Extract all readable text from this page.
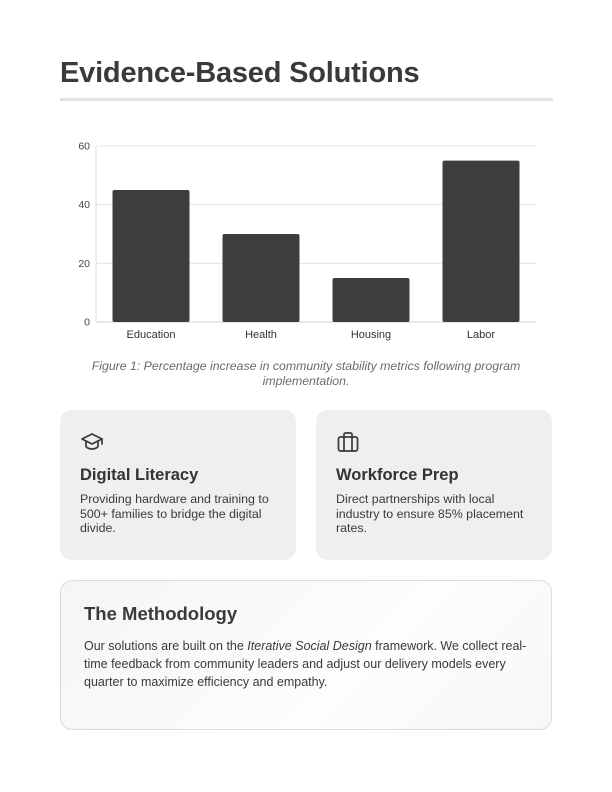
Evidence-Based Solutions
0
20
40
60
Education	Health	Housing	Labor

Figure 1: Percentage increase in community stability metrics following program implementation.

Digital Literacy

Providing hardware and training to 500+ families to bridge the digital divide.

Workforce Prep

Direct partnerships with local industry to ensure 85% placement rates.

The Methodology

Our solutions are built on the Iterative Social Design framework. We collect real-time feedback from community leaders and adjust our delivery models every quarter to maximize efficiency and empathy.
